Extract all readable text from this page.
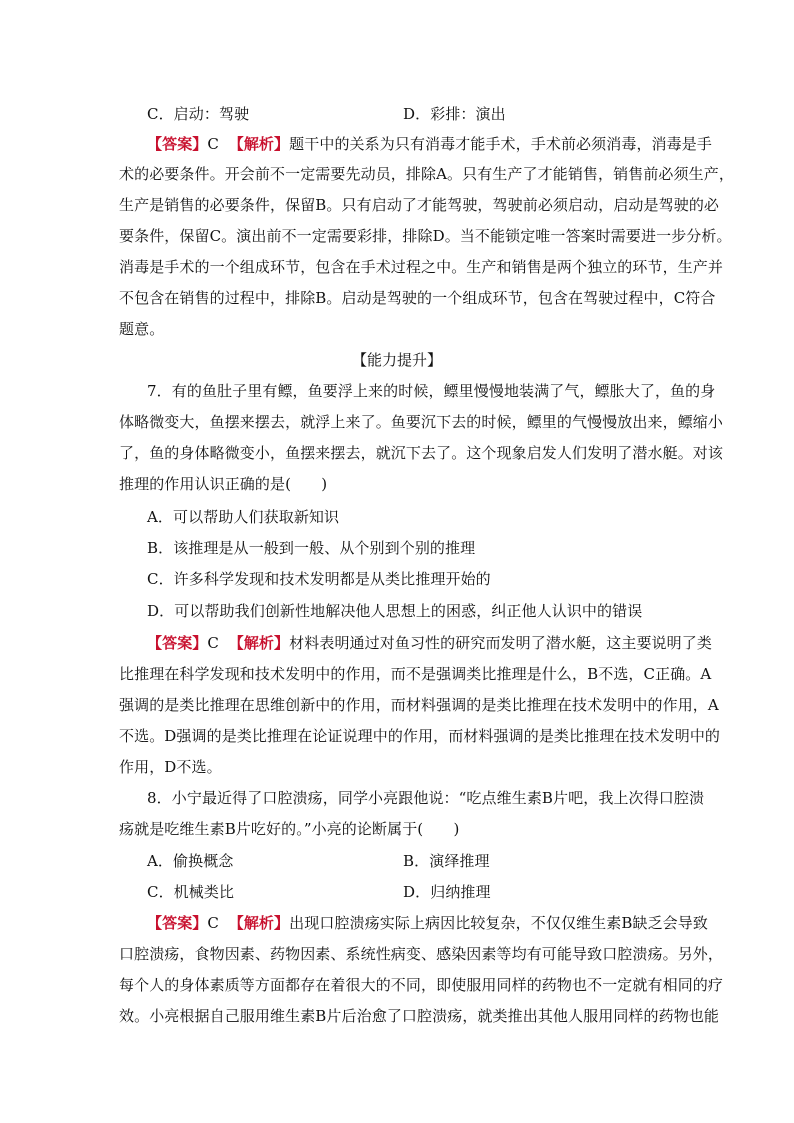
C．启动：驾驶	D．彩排：演出
【答案】C 【解析】题干中的关系为只有消毒才能手术，手术前必须消毒，消毒是手
术的必要条件。开会前不一定需要先动员，排除A。只有生产了才能销售，销售前必须生产，
生产是销售的必要条件，保留B。只有启动了才能驾驶，驾驶前必须启动，启动是驾驶的必
要条件，保留C。演出前不一定需要彩排，排除D。当不能锁定唯一答案时需要进一步分析。
消毒是手术的一个组成环节，包含在手术过程之中。生产和销售是两个独立的环节，生产并
不包含在销售的过程中，排除B。启动是驾驶的一个组成环节，包含在驾驶过程中，C符合
题意。
【能力提升】
7．有的鱼肚子里有鳔，鱼要浮上来的时候，鳔里慢慢地装满了气，鳔胀大了，鱼的身
体略微变大，鱼摆来摆去，就浮上来了。鱼要沉下去的时候，鳔里的气慢慢放出来，鳔缩小
了，鱼的身体略微变小，鱼摆来摆去，就沉下去了。这个现象启发人们发明了潜水艇。对该
推理的作用认识正确的是(　　)
A．可以帮助人们获取新知识
B．该推理是从一般到一般、从个别到个别的推理
C．许多科学发现和技术发明都是从类比推理开始的
D．可以帮助我们创新性地解决他人思想上的困惑，纠正他人认识中的错误
【答案】C 【解析】材料表明通过对鱼习性的研究而发明了潜水艇，这主要说明了类
比推理在科学发现和技术发明中的作用，而不是强调类比推理是什么，B不选，C正确。A
强调的是类比推理在思维创新中的作用，而材料强调的是类比推理在技术发明中的作用，A
不选。D强调的是类比推理在论证说理中的作用，而材料强调的是类比推理在技术发明中的
作用，D不选。
8．小宁最近得了口腔溃疡，同学小亮跟他说：“吃点维生素B片吧，我上次得口腔溃
疡就是吃维生素B片吃好的。”小亮的论断属于(　　)
A．偷换概念	B．演绎推理
C．机械类比	D．归纳推理
【答案】C 【解析】出现口腔溃疡实际上病因比较复杂，不仅仅维生素B缺乏会导致
口腔溃疡，食物因素、药物因素、系统性病变、感染因素等均有可能导致口腔溃疡。另外，
每个人的身体素质等方面都存在着很大的不同，即使服用同样的药物也不一定就有相同的疗
效。小亮根据自己服用维生素B片后治愈了口腔溃疡，就类推出其他人服用同样的药物也能
